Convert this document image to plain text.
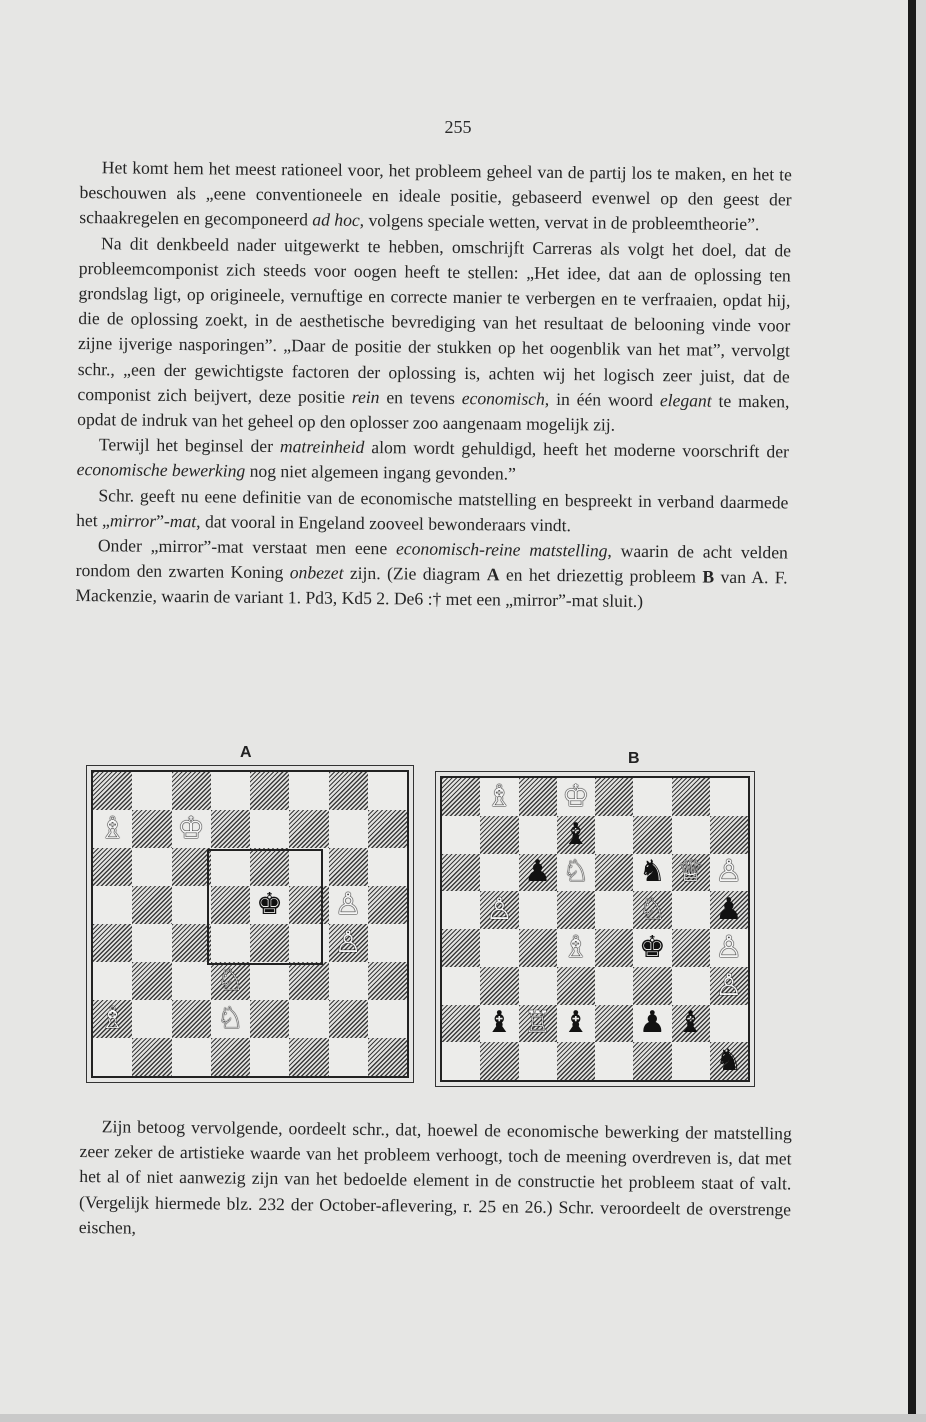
255

Het komt hem het meest rationeel voor, het probleem geheel van de partij los te maken, en het te beschouwen als „eene conventioneele en ideale positie, gebaseerd evenwel op den geest der schaakregelen en gecomponeerd ad hoc, volgens speciale wetten, vervat in de probleemtheorie”.

Na dit denkbeeld nader uitgewerkt te hebben, omschrijft Carreras als volgt het doel, dat de probleemcomponist zich steeds voor oogen heeft te stellen: „Het idee, dat aan de oplossing ten grondslag ligt, op origineele, vernuftige en correcte manier te verbergen en te verfraaien, opdat hij, die de oplossing zoekt, in de aesthetische bevrediging van het resultaat de belooning vinde voor zijne ijverige nasporingen”. „Daar de positie der stukken op het oogenblik van het mat”, vervolgt schr., „een der gewichtigste factoren der oplossing is, achten wij het logisch zeer juist, dat de componist zich beijvert, deze positie rein en tevens economisch, in één woord elegant te maken, opdat de indruk van het geheel op den oplosser zoo aangenaam mogelijk zij.

Terwijl het beginsel der matreinheid alom wordt gehuldigd, heeft het moderne voorschrift der economische bewerking nog niet algemeen ingang gevonden.”

Schr. geeft nu eene definitie van de economische matstelling en bespreekt in verband daarmede het „mirror”-mat, dat vooral in Engeland zooveel bewonderaars vindt.

Onder „mirror”-mat verstaat men eene economisch-reine matstelling, waarin de acht velden rondom den zwarten Koning onbezet zijn. (Zie diagram A en het driezettig probleem B van A. F. Mackenzie, waarin de variant 1. Pd3, Kd5 2. De6 :† met een „mirror”-mat sluit.)

A	B
♗ ♔
♚ ♙
♙
♘
♗	♘
♗ ♔
♝
♟ ♘ ♞ ♕ ♙
♙	♘ ♟
♗ ♚ ♙
♙
♝ ♖ ♝ ♟ ♝
♞

Zijn betoog vervolgende, oordeelt schr., dat, hoewel de economische bewerking der matstelling zeer zeker de artistieke waarde van het probleem verhoogt, toch de meening overdreven is, dat met het al of niet aanwezig zijn van het bedoelde element in de constructie het probleem staat of valt. (Vergelijk hiermede blz. 232 der October-aflevering, r. 25 en 26.) Schr. veroordeelt de overstrenge eischen,
